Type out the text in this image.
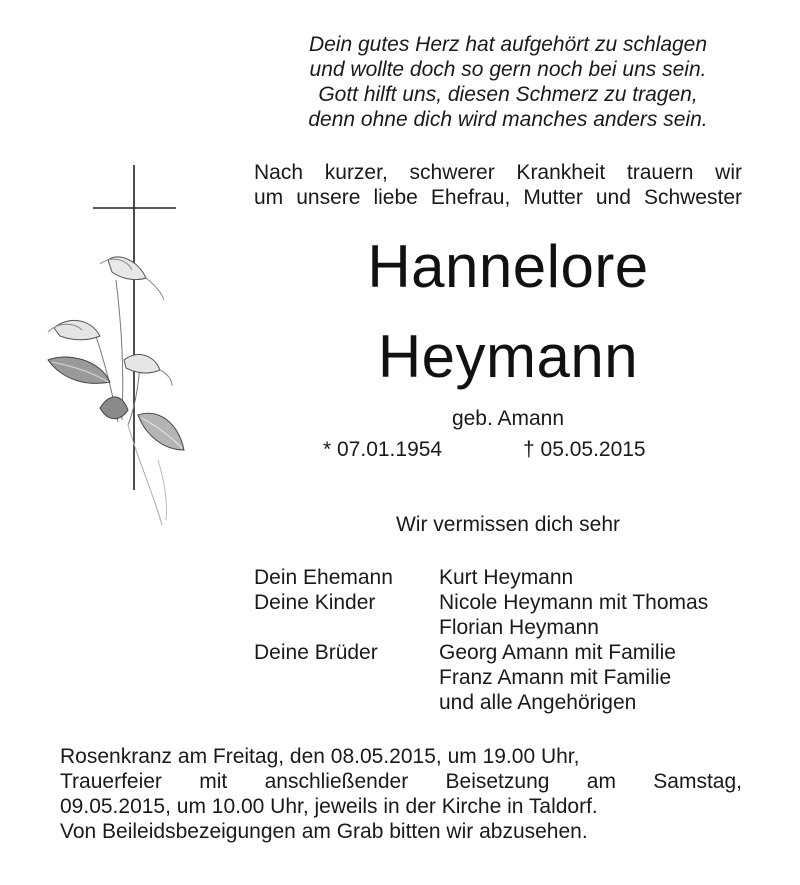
Dein gutes Herz hat aufgehört zu schlagen
und wollte doch so gern noch bei uns sein.
Gott hilft uns, diesen Schmerz zu tragen,
denn ohne dich wird manches anders sein.
Nach kurzer, schwerer Krankheit trauern wir
um unsere liebe Ehefrau, Mutter und Schwester
Hannelore
Heymann
geb. Amann
* 07.01.1954	† 05.05.2015
Wir vermissen dich sehr
Dein Ehemann	Kurt Heymann
Deine Kinder	Nicole Heymann mit Thomas
Florian Heymann
Deine Brüder	Georg Amann mit Familie
Franz Amann mit Familie
und alle Angehörigen
Rosenkranz am Freitag, den 08.05.2015, um 19.00 Uhr,
Trauerfeier mit anschließender Beisetzung am Samstag,
09.05.2015, um 10.00 Uhr, jeweils in der Kirche in Taldorf.
Von Beileidsbezeigungen am Grab bitten wir abzusehen.
